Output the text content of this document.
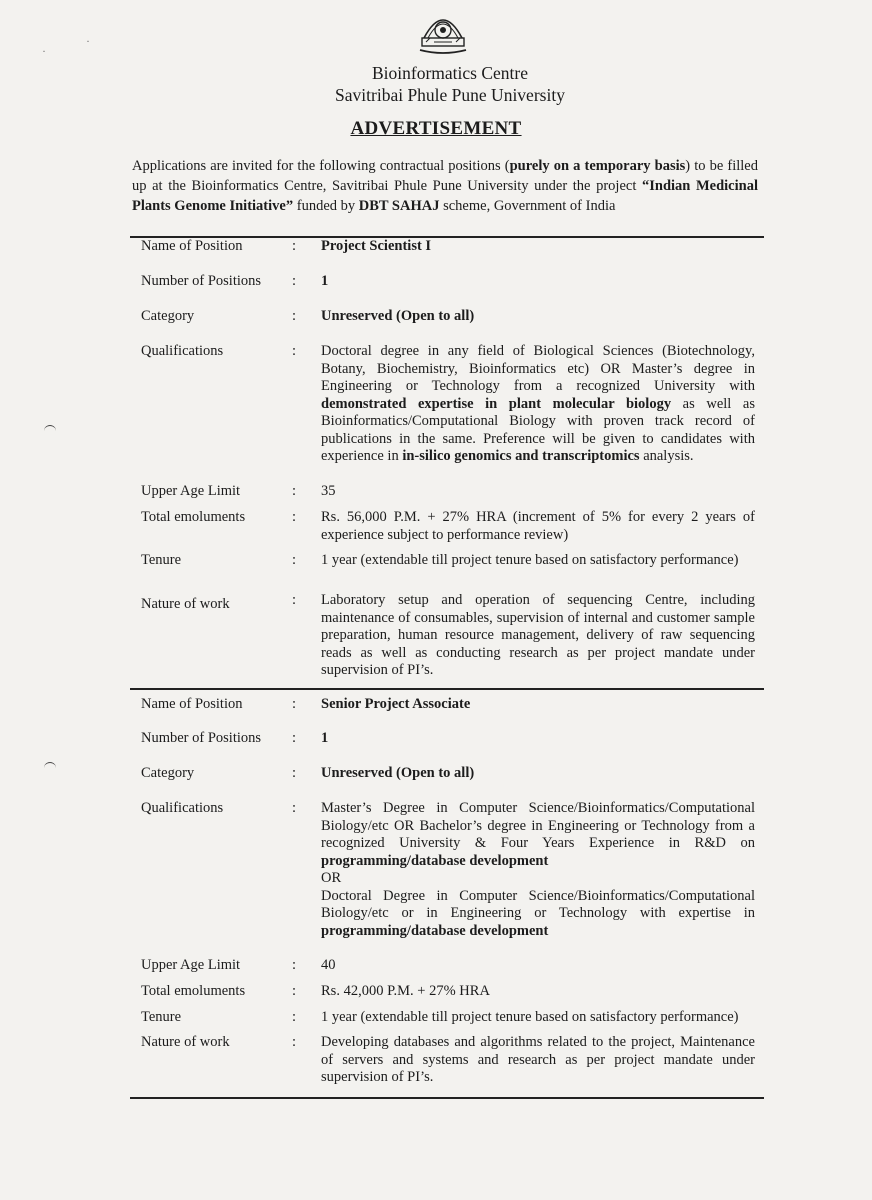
Bioinformatics Centre
Savitribai Phule Pune University
ADVERTISEMENT
Applications are invited for the following contractual positions (purely on a temporary basis) to be filled up at the Bioinformatics Centre, Savitribai Phule Pune University under the project “Indian Medicinal Plants Genome Initiative” funded by DBT SAHAJ scheme, Government of India
Name of Position	: Project Scientist I
Number of Positions	: 1
Category	: Unreserved (Open to all)
Qualifications	: Doctoral degree in any field of Biological Sciences (Biotechnology, Botany, Biochemistry, Bioinformatics etc) OR Master’s degree in Engineering or Technology from a recognized University with demonstrated expertise in plant molecular biology as well as Bioinformatics/Computational Biology with proven track record of publications in the same. Preference will be given to candidates with experience in in-silico genomics and transcriptomics analysis.
Upper Age Limit	: 35
Total emoluments	: Rs. 56,000 P.M. + 27% HRA (increment of 5% for every 2 years of experience subject to performance review)
Tenure	: 1 year (extendable till project tenure based on satisfactory performance)
Nature of work	: Laboratory setup and operation of sequencing Centre, including maintenance of consumables, supervision of internal and customer sample preparation, human resource management, delivery of raw sequencing reads as well as conducting research as per project mandate under supervision of PI’s.
Name of Position	: Senior Project Associate
Number of Positions	: 1
Category	: Unreserved (Open to all)
Qualifications	: Master’s Degree in Computer Science/Bioinformatics/Computational Biology/etc OR Bachelor’s degree in Engineering or Technology from a recognized University & Four Years Experience in R&D on programming/database development
OR
Doctoral Degree in Computer Science/Bioinformatics/Computational Biology/etc or in Engineering or Technology with expertise in programming/database development
Upper Age Limit	: 40
Total emoluments	: Rs. 42,000 P.M. + 27% HRA
Tenure	: 1 year (extendable till project tenure based on satisfactory performance)
Nature of work	: Developing databases and algorithms related to the project, Maintenance of servers and systems and research as per project mandate under supervision of PI’s.
·
·
